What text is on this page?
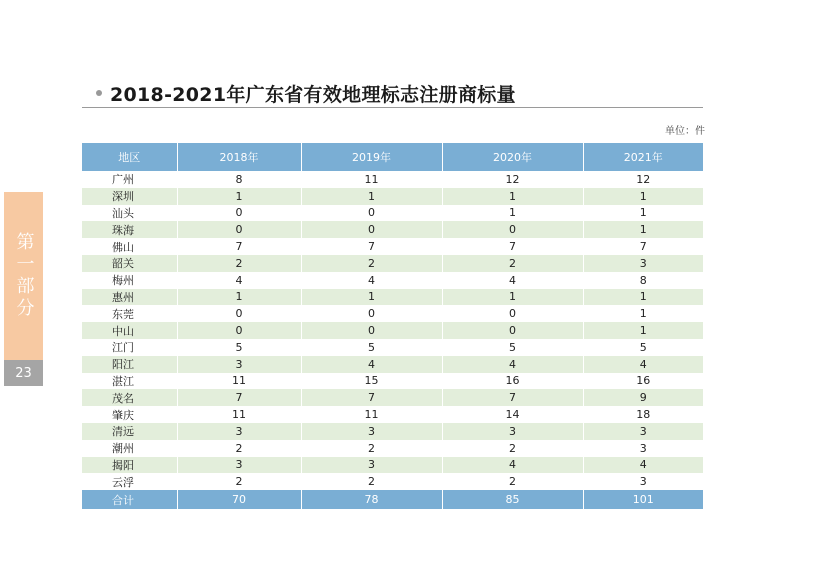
2018-2021年广东省有效地理标志注册商标量
单位：件
地区	2018年	2019年	2020年	2021年
广州	8	11	12	12
深圳	1	1	1	1
汕头	0	0	1	1
珠海	0	0	0	1
佛山	7	7	7	7
韶关	2	2	2	3
梅州	4	4	4	8
惠州	1	1	1	1
东莞	0	0	0	1
中山	0	0	0	1
江门	5	5	5	5
阳江	3	4	4	4
湛江	11	15	16	16
茂名	7	7	7	9
肇庆	11	11	14	18
清远	3	3	3	3
潮州	2	2	2	3
揭阳	3	3	4	4
云浮	2	2	2	3
合计	70	78	85	101
第一部分
23
